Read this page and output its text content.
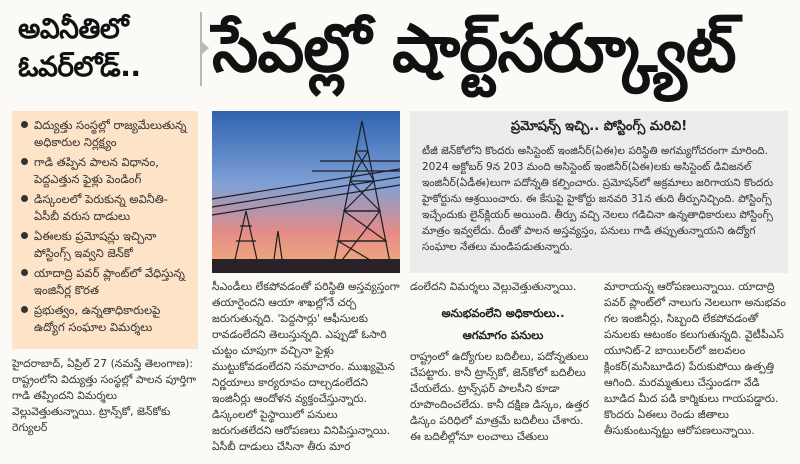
అవినీతిలో
ఓవర్‌లోడ్..	సేవల్లో షార్ట్‌సర్క్యూట్
విద్యుత్తు సంస్థల్లో రాజ్యమేలుతున్న అధికారుల నిర్లక్ష్యం
గాడి తప్పిన పాలన విధానం, పెద్దఎత్తున ఫైళ్లు పెండింగ్
డిస్కంలలో పెరుకున్న అవినీతి- ఏసీబీ వరుస దాడులు
ఏఈలకు ప్రమోషన్లు ఇచ్చినా పోస్టింగ్స్ ఇవ్వని జెన్‌కో
యాదాద్రి పవర్ ప్లాంట్‌లో వేధిస్తున్న ఇంజినీర్ల కొరత
ప్రభుత్వం, ఉన్నతాధికారులపై ఉద్యోగ సంఘాల విమర్శలు
ప్రమోషన్స్ ఇచ్చి.. పోస్టింగ్స్ మరిచి!
టీజీ జెన్‌కోలోని కొందరు అసిస్టెంట్ ఇంజినీర్(ఏఈ)ల పరిస్థితి అగమ్యగోచరంగా మారింది. 2024 అక్టోబర్ 9న 203 మంది అసిస్టెంట్ ఇంజినీర్(ఏఈ)లకు అసిస్టెంట్ డివిజనల్ ఇంజినీర్(ఏడీఈ)లుగా పదోన్నతి కల్పించారు. ప్రమోషన్‌లో అక్రమాలు జరిగాయని కొందరు హైకోర్టును ఆశ్రయించారు. ఈ కేసుపై హైకోర్టు జనవరి 31న తుది తీర్పునిచ్చింది. పోస్టింగ్స్ ఇచ్చేందుకు లైన్‌క్లియర్ అయింది. తీర్పు వచ్చి నెలలు గడిచినా ఉన్నతాధికారులు పోస్టింగ్స్ మాత్రం ఇవ్వలేదు. దీంతో పాలన అస్తవ్యస్తం, పనులు గాడి తప్పుతున్నాయని ఉద్యోగ సంఘాల నేతలు మండిపడుతున్నారు.

హైదరాబాద్, ఏప్రిల్ 27 (నమస్తే తెలంగాణ): రాష్ట్రంలోని విద్యుత్తు సంస్థల్లో పాలన పూర్తిగా గాడి తప్పిందని విమర్శలు వెల్లువెత్తుతున్నాయి. ట్రాన్స్‌కో, జెన్‌కోకు రెగ్యులర్

సీఎండీలు లేకపోవడంతో పరిస్థితి అస్తవ్యస్తంగా తయారైందని ఆయా శాఖల్లోనే చర్చ జరుగుతున్నది. 'పెద్దసార్లు' ఆఫీసులకు రావడంలేదని తెలుస్తున్నది. ఎప్పుడో ఓసారి చుట్టం చూపుగా వచ్చినా ఫైళ్లు ముట్టుకోవడంలేదని సమాచారం. ముఖ్యమైన నిర్ణయాలు కార్యరూపం దాల్చడంలేదని ఇంజినీర్లు ఆందోళన వ్యక్తంచేస్తున్నారు. డిస్కంలలో పైస్థాయిలో పనులు జరుగుతలేదని ఆరోపణలు వినిపిస్తున్నాయి. ఏసీబీ దాడులు చేసినా తీరు మార

డంలేదని విమర్శలు వెల్లువెత్తుతున్నాయి.

అనుభవంలేని అధికారులు..
ఆగమాగం పనులు

రాష్ట్రంలో ఉద్యోగుల బదిలీలు, పదోన్నతులు చేపట్టారు. కానీ ట్రాన్స్‌కో, జెన్‌కోలో బదిలీలు చేయలేదు. ట్రాన్స్‌ఫర్ పాలసీని కూడా రూపొందించలేదు. కానీ దక్షిణ డిస్కం, ఉత్తర డిస్కం పరిధిలో మాత్రమే బదిలీలు చేశారు. ఈ బదిలీల్లోనూ లంచాలు చేతులు

మారాయన్న ఆరోపణలున్నాయి. యాదాద్రి పవర్ ప్లాంట్‌లో నాలుగు నెలలుగా అనుభవం గల ఇంజినీర్లు, సిబ్బంది లేకపోవడంతో పనులకు ఆటంకం కలుగుతున్నది. వైటీపీఎస్ యూనిట్-2 బాయిలర్‌లో జలవలం క్లింకర్(మసిబూడిద) పేరుకుపోయి ఉత్పత్తి ఆగింది. మరమ్మతులు చేస్తుండగా వేడి బూడిద మీద పడి కార్మికులు గాయపడ్డారు. కొందరు ఏఈలు రెండు జీతాలు తీసుకుంటున్నట్టు ఆరోపణలున్నాయి.
